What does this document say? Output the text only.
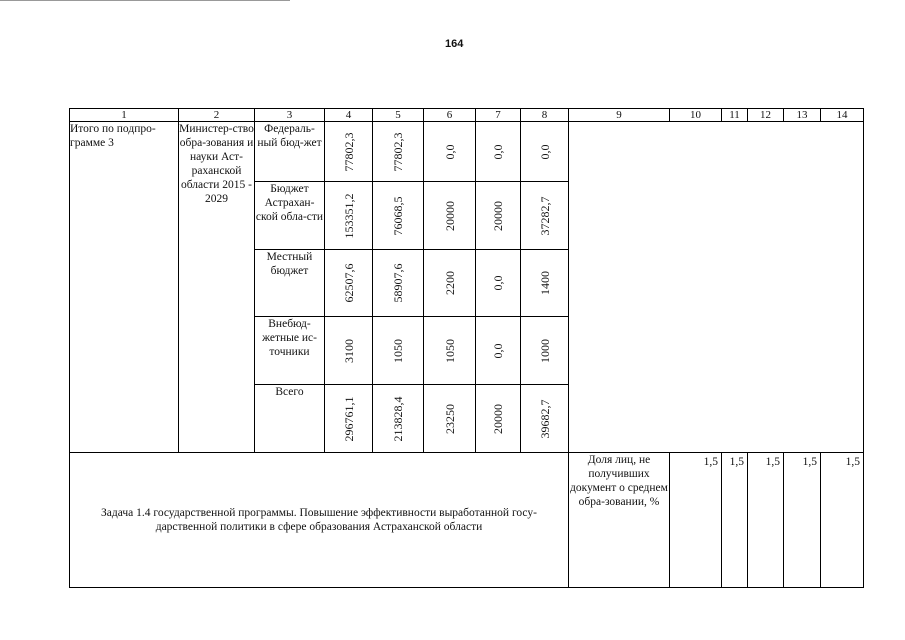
164
1	2	3	4	5	6	7	8	9	10	11	12	13	14
Итого по подпро-грамме 3	Министер-ство обра-зования и науки Аст-раханской области 2015 - 2029	Федераль-ный бюд-жет	77802,3	77802,3	0,0	0,0	0,0						

		Бюджет Астрахан-ской обла-сти	153351,2	76068,5	20000	20000	37282,7						

		Местный бюджет	62507,6	58907,6	2200	0,0	1400						

		Внебюд-жетные ис-точники	3100	1050	1050	0,0	1000						

		Всего	296761,1	213828,4	23250	20000	39682,7						

Задача 1.4 государственной программы. Повышение эффективности выработанной госу-дарственной политики в сфере образования Астраханской области								Доля лиц, не получивших документ о среднем обра-зовании, %	1,5	1,5	1,5	1,5	1,5
